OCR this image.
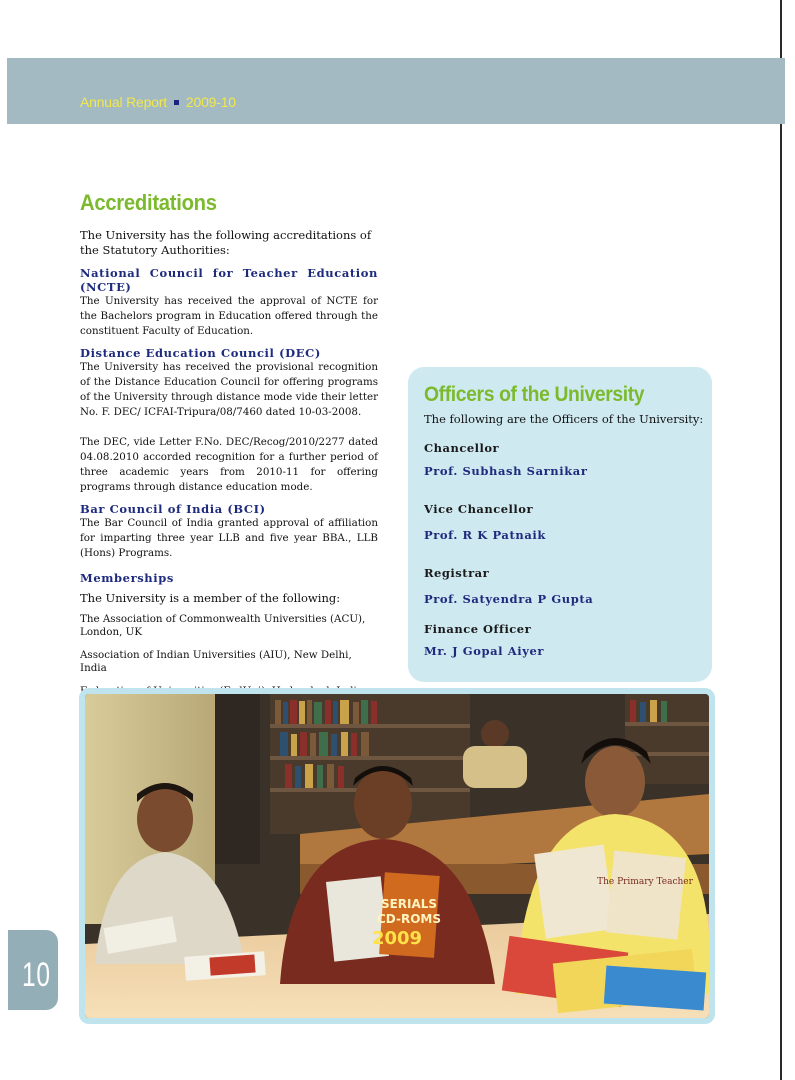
Annual Report 2009-10
Accreditations
The University has the following accreditations of the Statutory Authorities:
National Council for Teacher Education (NCTE)
The University has received the approval of NCTE for the Bachelors program in Education offered through the constituent Faculty of Education.
Distance Education Council (DEC)
The University has received the provisional recognition of the Distance Education Council for offering programs of the University through distance mode vide their letter No. F. DEC/ ICFAI-Tripura/08/7460 dated 10-03-2008.
The DEC, vide Letter F.No. DEC/Recog/2010/2277 dated 04.08.2010 accorded recognition for a further period of three academic years from 2010-11 for offering programs through distance education mode.
Bar Council of India (BCI)
The Bar Council of India granted approval of affiliation for imparting three year LLB and five year BBA., LLB (Hons) Programs.
Memberships
The University is a member of the following:
The Association of Commonwealth Universities (ACU), London, UK
Association of Indian Universities (AIU), New Delhi, India
Officers of the University
The following are the Officers of the University:
Chancellor
Prof. Subhash Sarnikar
Vice Chancellor
Prof. R K Patnaik
Registrar
Prof. Satyendra P Gupta
Finance Officer
Mr. J Gopal Aiyer
SERIALS
CD-ROMS
2009
The Primary Teacher
10
